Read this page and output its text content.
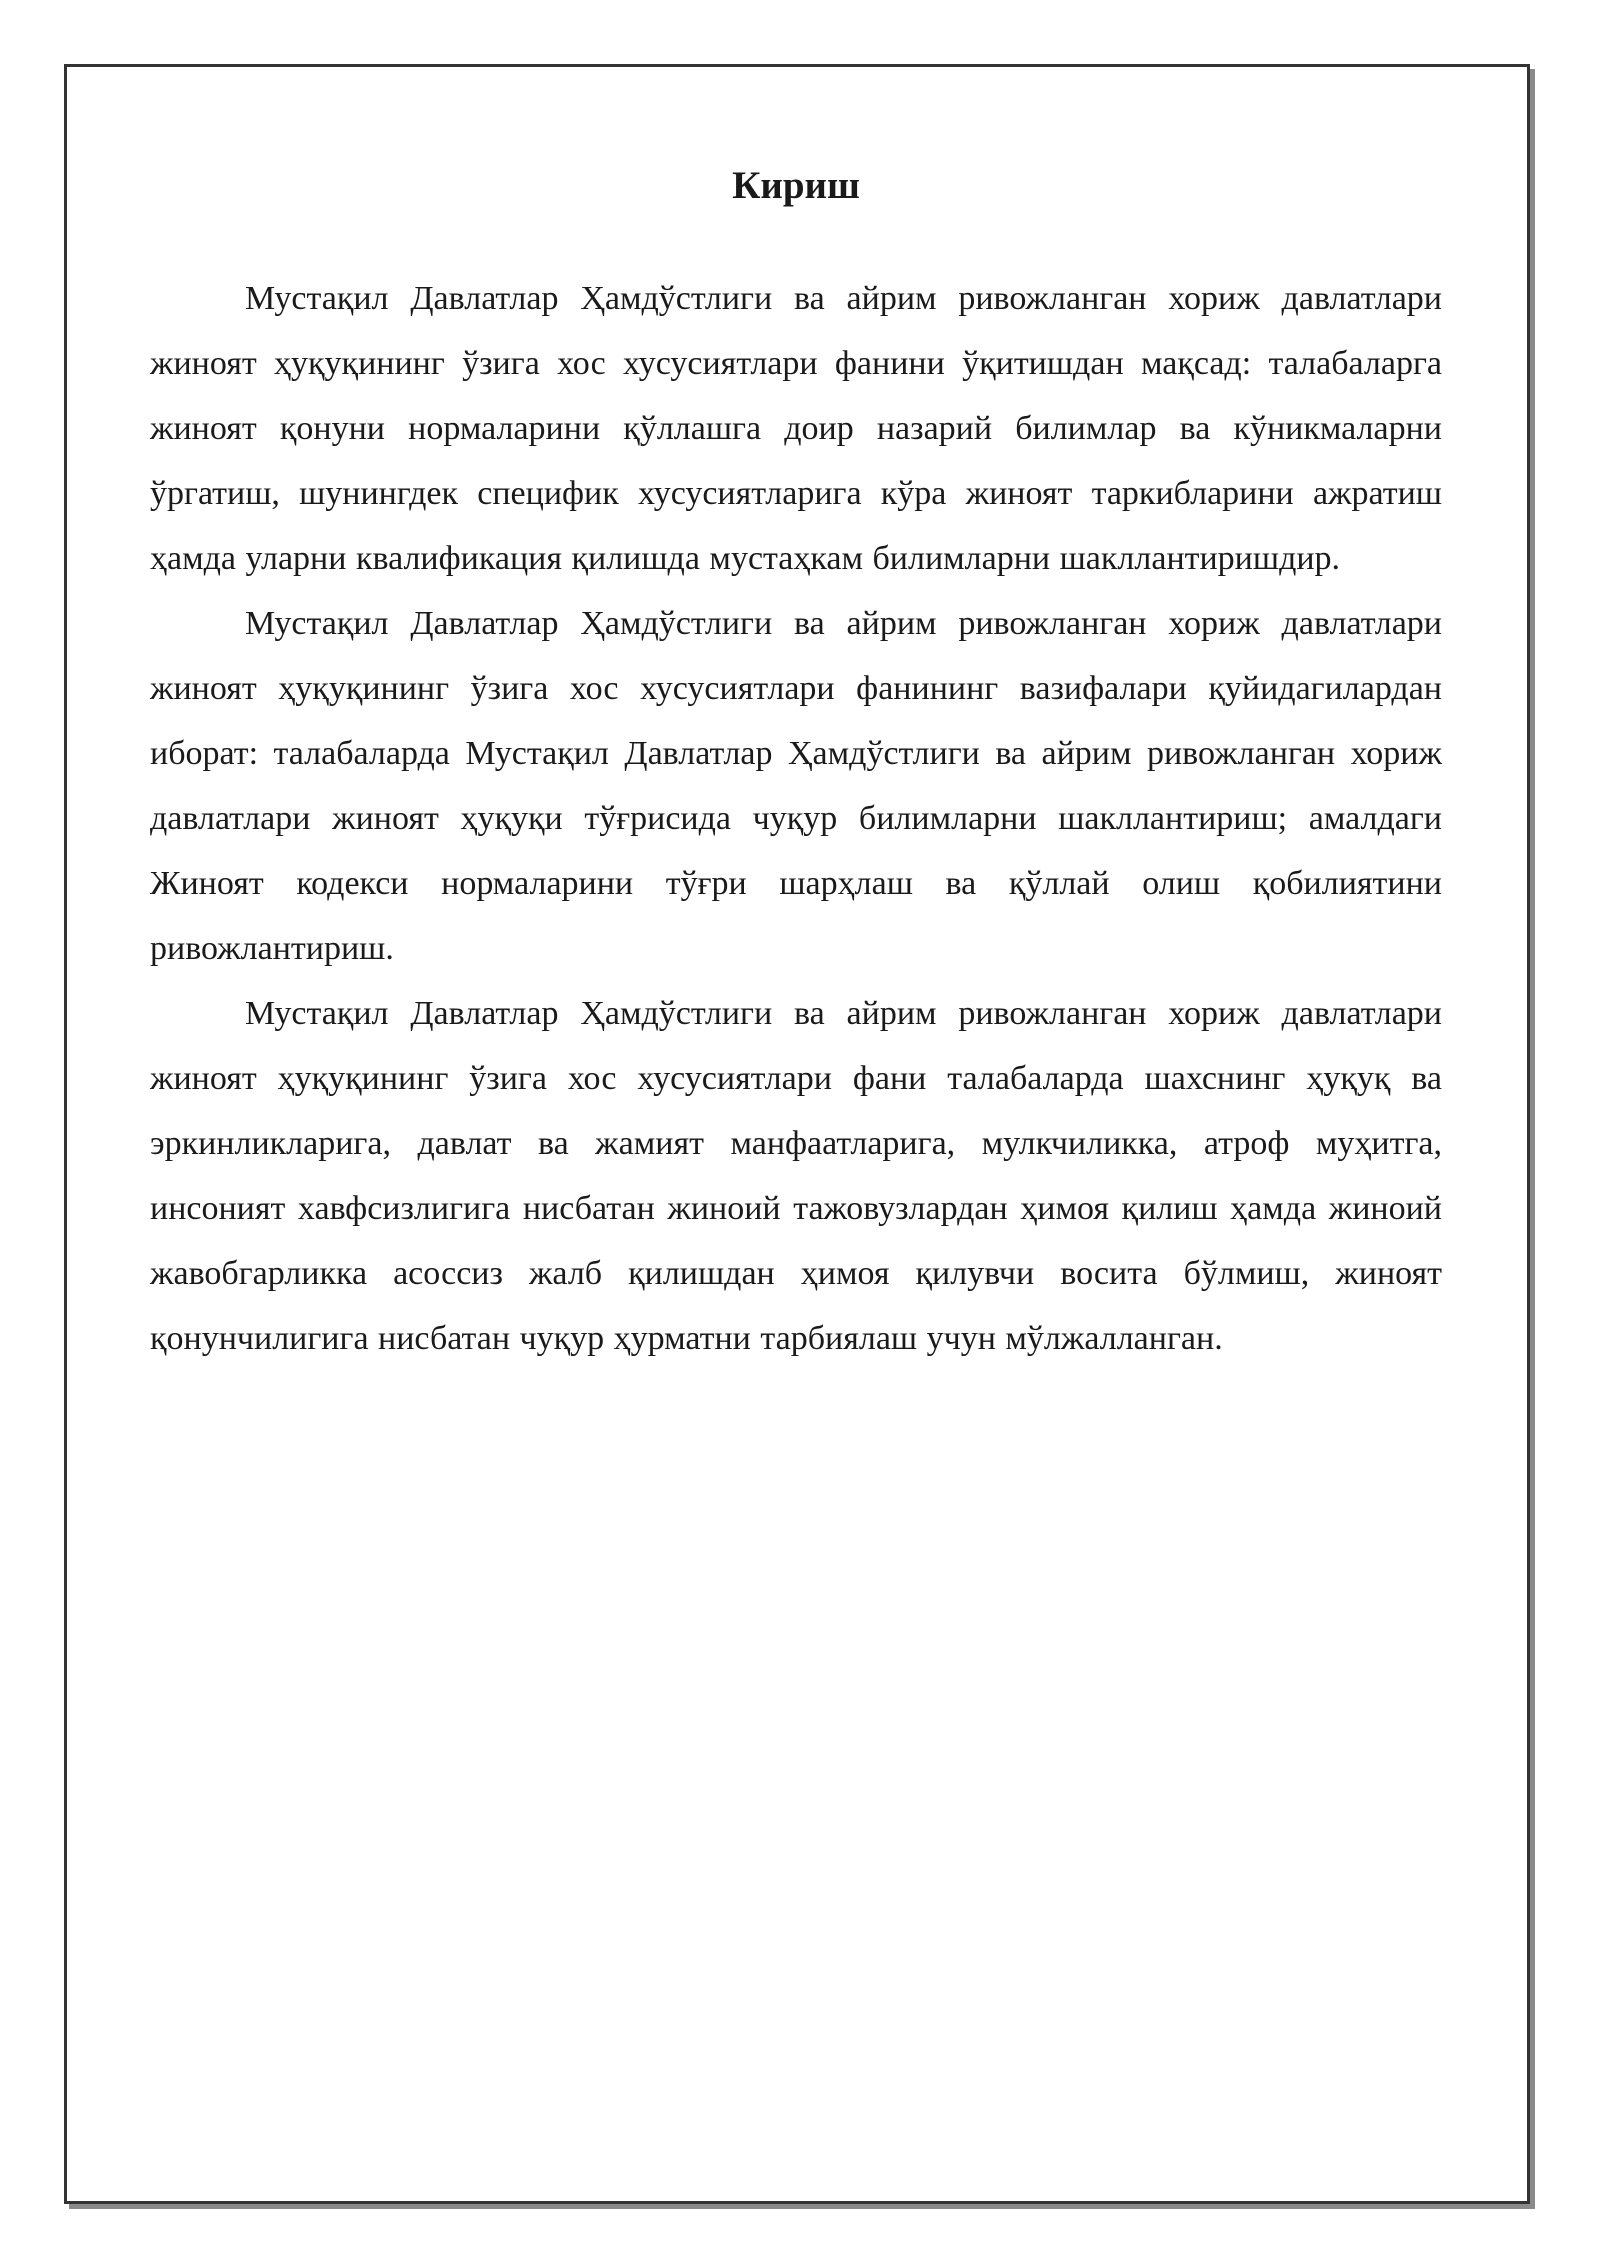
Кириш

Мустақил Давлатлар Ҳамдўстлиги ва айрим ривожланган хориж давлатлари жиноят ҳуқуқининг ўзига хос хусусиятлари фанини ўқитишдан мақсад: талабаларга жиноят қонуни нормаларини қўллашга доир назарий билимлар ва кўникмаларни ўргатиш, шунингдек специфик хусусиятларига кўра жиноят таркибларини ажратиш ҳамда уларни квалификация қилишда мустаҳкам билимларни шакллантиришдир.

Мустақил Давлатлар Ҳамдўстлиги ва айрим ривожланган хориж давлатлари жиноят ҳуқуқининг ўзига хос хусусиятлари фанининг вазифалари қуйидагилардан иборат: талабаларда Мустақил Давлатлар Ҳамдўстлиги ва айрим ривожланган хориж давлатлари жиноят ҳуқуқи тўғрисида чуқур билимларни шакллантириш; амалдаги Жиноят кодекси нормаларини тўғри шарҳлаш ва қўллай олиш қобилиятини ривожлантириш.

Мустақил Давлатлар Ҳамдўстлиги ва айрим ривожланган хориж давлатлари жиноят ҳуқуқининг ўзига хос хусусиятлари фани талабаларда шахснинг ҳуқуқ ва эркинликларига, давлат ва жамият манфаатларига, мулкчиликка, атроф муҳитга, инсоният хавфсизлигига нисбатан жиноий тажовузлардан ҳимоя қилиш ҳамда жиноий жавобгарликка асоссиз жалб қилишдан ҳимоя қилувчи восита бўлмиш, жиноят қонунчилигига нисбатан чуқур ҳурматни тарбиялаш учун мўлжалланган.
